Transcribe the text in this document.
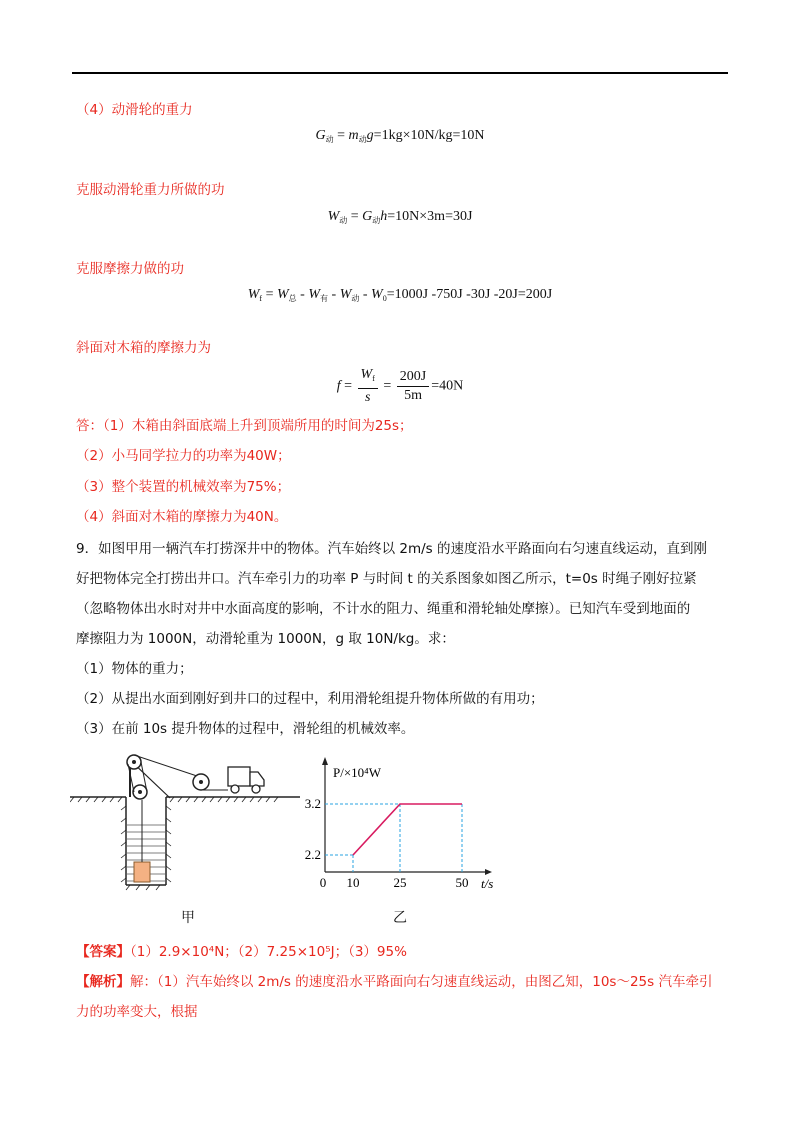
（4）动滑轮的重力
$G_动 = m_动g=1kg\times 10N/kg=10N$
克服动滑轮重力所做的功
$W_动 = G_动h=10N\times 3m=30J$
克服摩擦力做的功
$W_f = W_总 - W_有 - W_动 - W_0=1000J$ -750J -30J -20J=200J
斜面对木箱的摩擦力为
$f = \frac{W_f}{s} = \frac{200J}{5m} =40N$
答：（1）木箱由斜面底端上升到顶端所用的时间为25s；
（2）小马同学拉力的功率为40W；
（3）整个装置的机械效率为75%；
（4）斜面对木箱的摩擦力为40N。
9．如图甲用一辆汽车打捞深井中的物体。汽车始终以 2m/s 的速度沿水平路面向右匀速直线运动，直到刚
好把物体完全打捞出井口。汽车牵引力的功率 P 与时间 t 的关系图象如图乙所示，t=0s 时绳子刚好拉紧
（忽略物体出水时对井中水面高度的影响，不计水的阻力、绳重和滑轮轴处摩擦）。已知汽车受到地面的
摩擦阻力为 1000N，动滑轮重为 1000N，g 取 10N/kg。求：
（1）物体的重力；
（2）从提出水面到刚好到井口的过程中，利用滑轮组提升物体所做的有用功；
（3）在前 10s 提升物体的过程中，滑轮组的机械效率。
P/×10⁴W
2.2
3.2
0 10	25	50 t/s
甲	乙
【答案】（1）2.9×10⁴N；（2）7.25×10⁵J；（3）95%
【解析】解：（1）汽车始终以 2m/s 的速度沿水平路面向右匀速直线运动，由图乙知，10s～25s 汽车牵引
力的功率变大，根据
